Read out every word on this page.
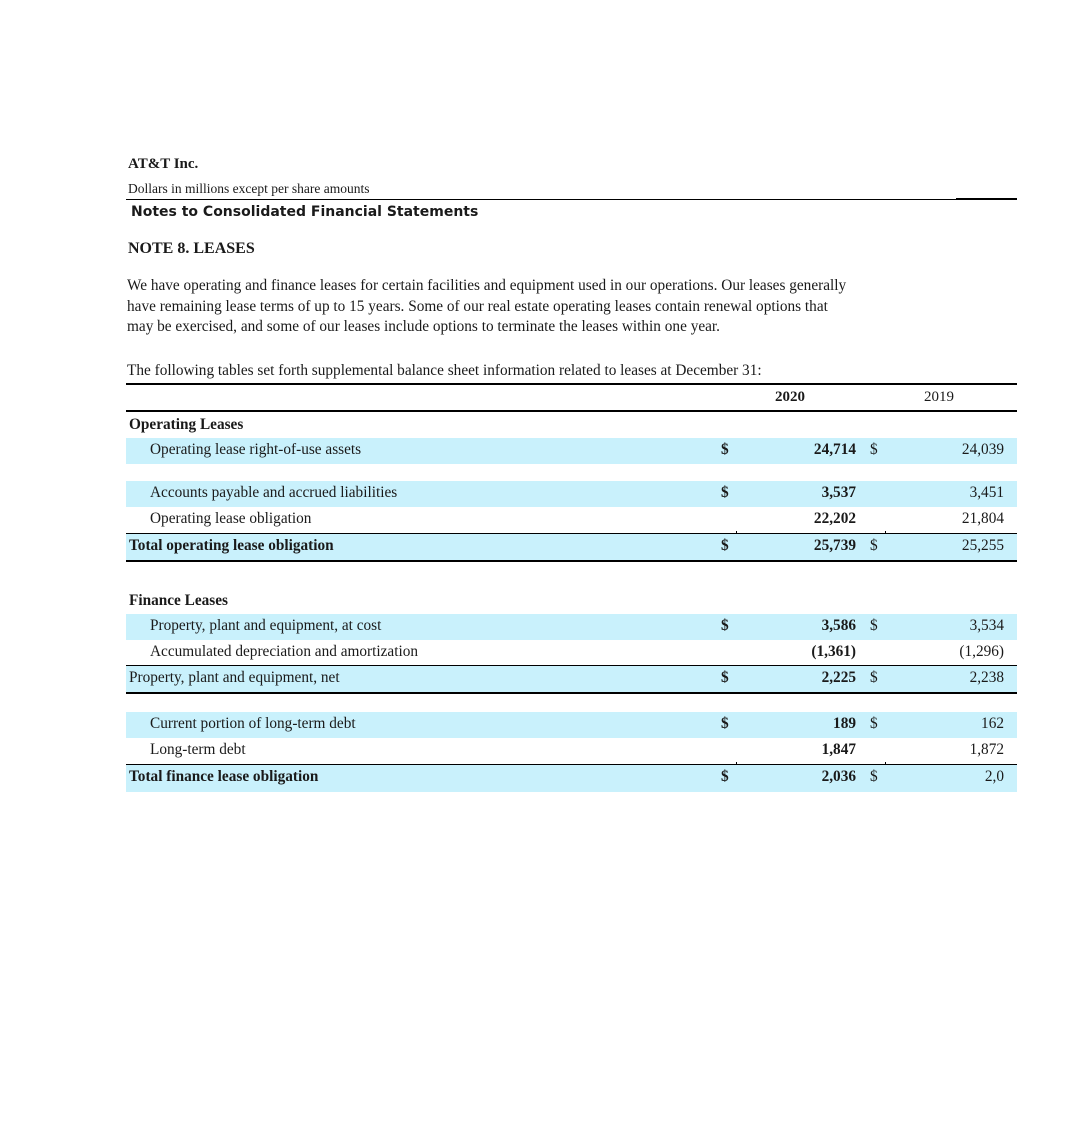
AT&T Inc.
Dollars in millions except per share amounts
Notes to Consolidated Financial Statements
NOTE 8. LEASES

We have operating and finance leases for certain facilities and equipment used in our operations. Our leases generally
have remaining lease terms of up to 15 years. Some of our real estate operating leases contain renewal options that
may be exercised, and some of our leases include options to terminate the leases within one year.

The following tables set forth supplemental balance sheet information related to leases at December 31:
2020	2019
Operating Leases
Operating lease right-of-use assets	$	24,714 $	24,039
Accounts payable and accrued liabilities	$	3,537	3,451
Operating lease obligation	22,202	21,804
Total operating lease obligation	$	25,739 $	25,255
Finance Leases
Property, plant and equipment, at cost	$	3,586 $	3,534
Accumulated depreciation and amortization	(1,361)	(1,296)
Property, plant and equipment, net	$	2,225 $	2,238
Current portion of long-term debt	$	189 $	162
Long-term debt	1,847	1,872
Total finance lease obligation	$	2,036 $	2,0
